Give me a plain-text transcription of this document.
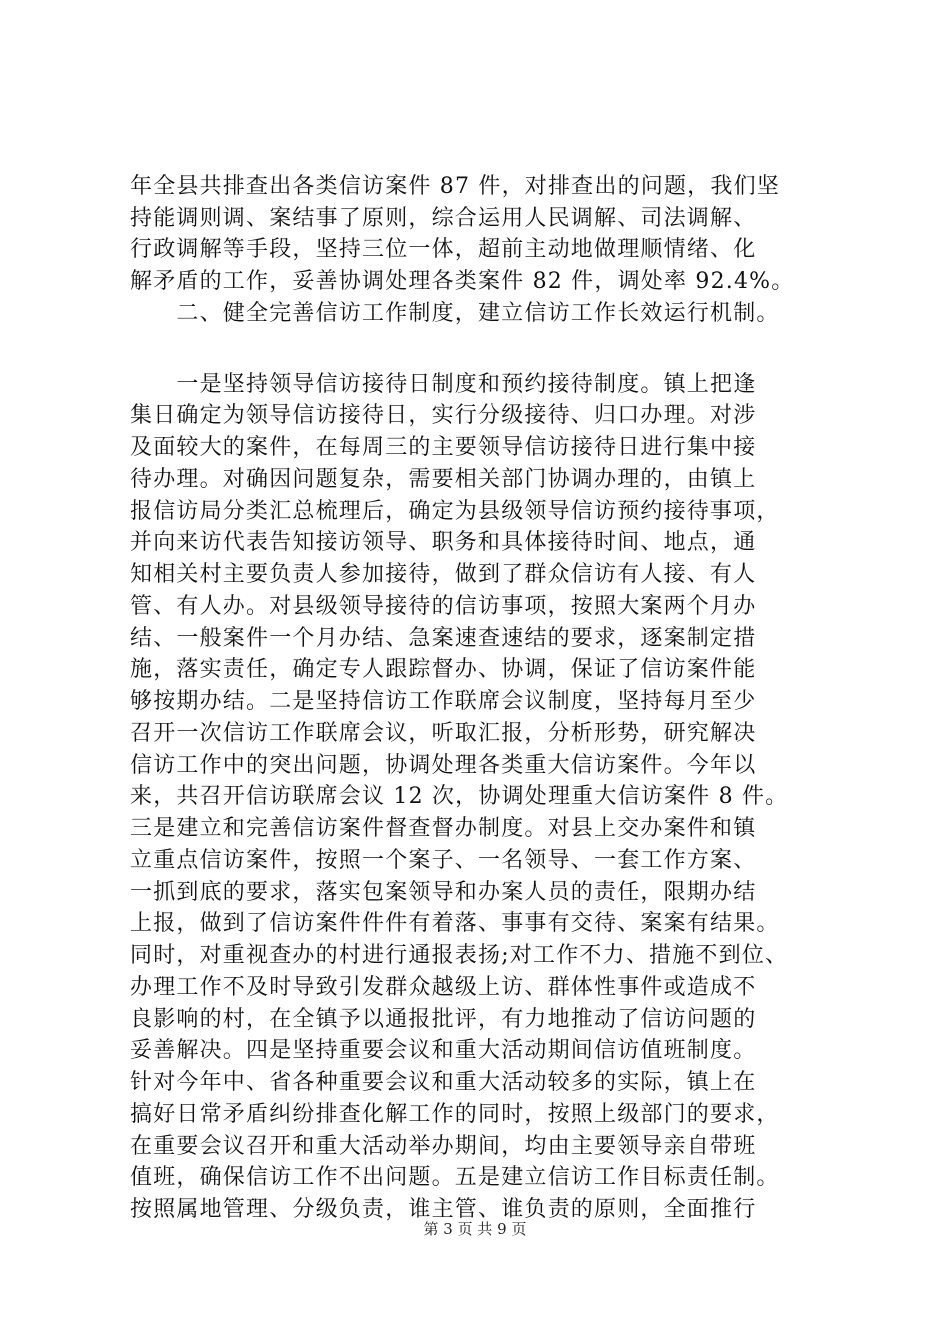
年全县共排查出各类信访案件 87 件，对排查出的问题，我们坚
持能调则调、案结事了原则，综合运用人民调解、司法调解、
行政调解等手段，坚持三位一体，超前主动地做理顺情绪、化
解矛盾的工作，妥善协调处理各类案件 82 件，调处率 92.4%。
　　二、健全完善信访工作制度，建立信访工作长效运行机制。
　　一是坚持领导信访接待日制度和预约接待制度。镇上把逢
集日确定为领导信访接待日，实行分级接待、归口办理。对涉
及面较大的案件，在每周三的主要领导信访接待日进行集中接
待办理。对确因问题复杂，需要相关部门协调办理的，由镇上
报信访局分类汇总梳理后，确定为县级领导信访预约接待事项，
并向来访代表告知接访领导、职务和具体接待时间、地点，通
知相关村主要负责人参加接待，做到了群众信访有人接、有人
管、有人办。对县级领导接待的信访事项，按照大案两个月办
结、一般案件一个月办结、急案速查速结的要求，逐案制定措
施，落实责任，确定专人跟踪督办、协调，保证了信访案件能
够按期办结。二是坚持信访工作联席会议制度，坚持每月至少
召开一次信访工作联席会议，听取汇报，分析形势，研究解决
信访工作中的突出问题，协调处理各类重大信访案件。今年以
来，共召开信访联席会议 12 次，协调处理重大信访案件 8 件。
三是建立和完善信访案件督查督办制度。对县上交办案件和镇
立重点信访案件，按照一个案子、一名领导、一套工作方案、
一抓到底的要求，落实包案领导和办案人员的责任，限期办结
上报，做到了信访案件件件有着落、事事有交待、案案有结果。
同时，对重视查办的村进行通报表扬;对工作不力、措施不到位、
办理工作不及时导致引发群众越级上访、群体性事件或造成不
良影响的村，在全镇予以通报批评，有力地推动了信访问题的
妥善解决。四是坚持重要会议和重大活动期间信访值班制度。
针对今年中、省各种重要会议和重大活动较多的实际，镇上在
搞好日常矛盾纠纷排查化解工作的同时，按照上级部门的要求，
在重要会议召开和重大活动举办期间，均由主要领导亲自带班
值班，确保信访工作不出问题。五是建立信访工作目标责任制。
按照属地管理、分级负责，谁主管、谁负责的原则，全面推行
第 3 页 共 9 页
